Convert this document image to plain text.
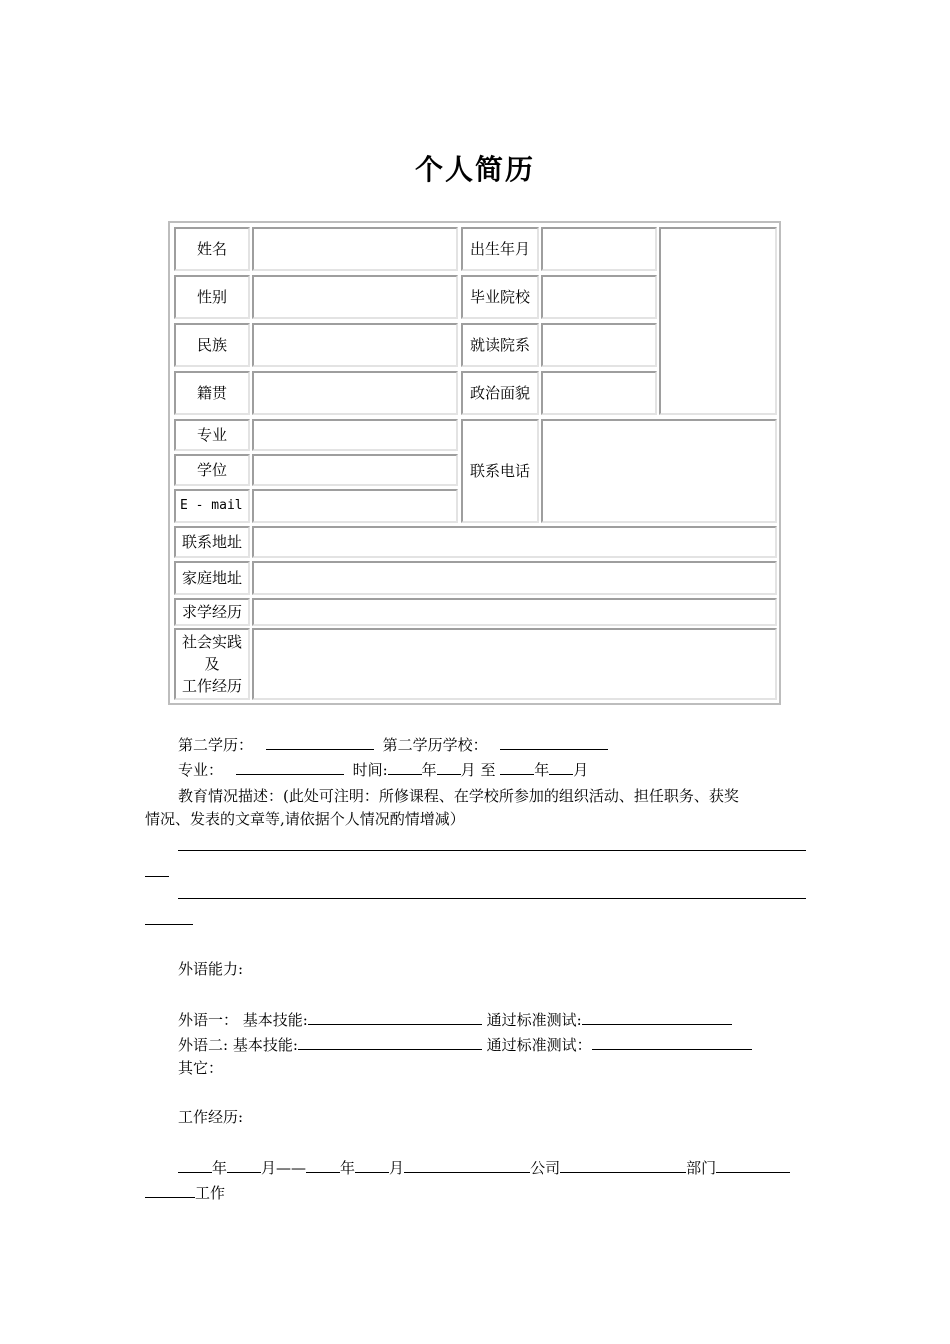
个人简历
姓名	出生年月
性别	毕业院校
民族	就读院系
籍贯	政治面貌
专业
学位
E - mail
联系电话
联系地址
家庭地址
求学经历
社会实践
及
工作经历
第二学历：	第二学历学校：
专业：	时间: 年 月 至	年 月
教育情况描述：(此处可注明：所修课程、在学校所参加的组织活动、担任职务、获奖
情况、发表的文章等,请依据个人情况酌情增减）
外语能力:
外语一： 基本技能:	通过标准测试:
外语二: 基本技能:	通过标准测试：
其它：
工作经历:
年 月—— 年 月	公司	部门
工作
